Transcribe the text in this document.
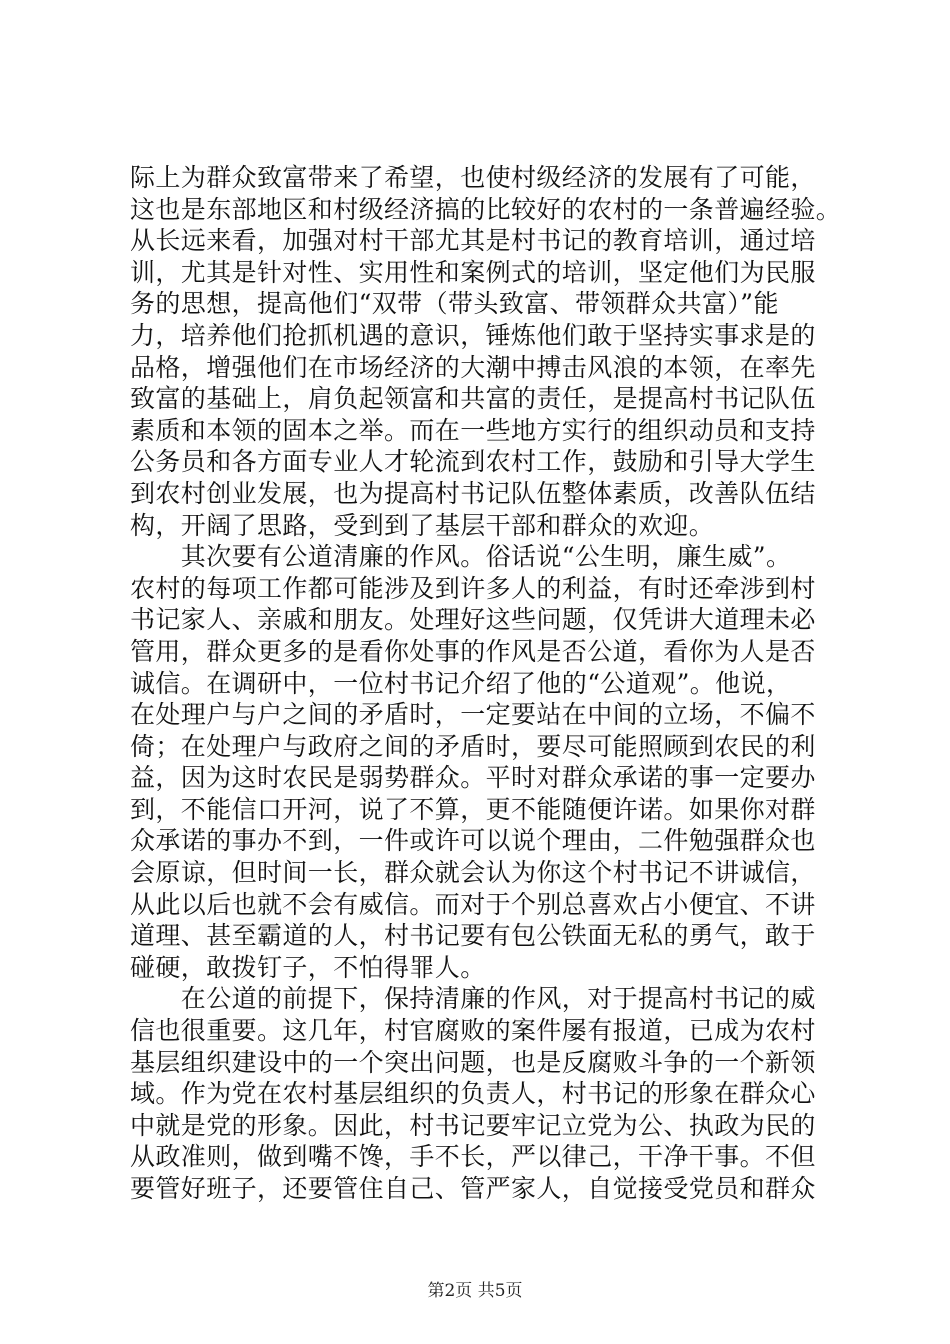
际上为群众致富带来了希望，也使村级经济的发展有了可能，
这也是东部地区和村级经济搞的比较好的农村的一条普遍经验。
从长远来看，加强对村干部尤其是村书记的教育培训，通过培
训，尤其是针对性、实用性和案例式的培训，坚定他们为民服
务的思想，提高他们“双带（带头致富、带领群众共富）”能
力，培养他们抢抓机遇的意识，锤炼他们敢于坚持实事求是的
品格，增强他们在市场经济的大潮中搏击风浪的本领，在率先
致富的基础上，肩负起领富和共富的责任，是提高村书记队伍
素质和本领的固本之举。而在一些地方实行的组织动员和支持
公务员和各方面专业人才轮流到农村工作，鼓励和引导大学生
到农村创业发展，也为提高村书记队伍整体素质，改善队伍结
构，开阔了思路，受到到了基层干部和群众的欢迎。
　　其次要有公道清廉的作风。俗话说“公生明，廉生威”。
农村的每项工作都可能涉及到许多人的利益，有时还牵涉到村
书记家人、亲戚和朋友。处理好这些问题，仅凭讲大道理未必
管用，群众更多的是看你处事的作风是否公道，看你为人是否
诚信。在调研中，一位村书记介绍了他的“公道观”。他说，
在处理户与户之间的矛盾时，一定要站在中间的立场，不偏不
倚；在处理户与政府之间的矛盾时，要尽可能照顾到农民的利
益，因为这时农民是弱势群众。平时对群众承诺的事一定要办
到，不能信口开河，说了不算，更不能随便许诺。如果你对群
众承诺的事办不到，一件或许可以说个理由，二件勉强群众也
会原谅，但时间一长，群众就会认为你这个村书记不讲诚信，
从此以后也就不会有威信。而对于个别总喜欢占小便宜、不讲
道理、甚至霸道的人，村书记要有包公铁面无私的勇气，敢于
碰硬，敢拨钉子，不怕得罪人。
　　在公道的前提下，保持清廉的作风，对于提高村书记的威
信也很重要。这几年，村官腐败的案件屡有报道，已成为农村
基层组织建设中的一个突出问题，也是反腐败斗争的一个新领
域。作为党在农村基层组织的负责人，村书记的形象在群众心
中就是党的形象。因此，村书记要牢记立党为公、执政为民的
从政准则，做到嘴不馋，手不长，严以律己，干净干事。不但
要管好班子，还要管住自己、管严家人，自觉接受党员和群众
第2页 共5页
